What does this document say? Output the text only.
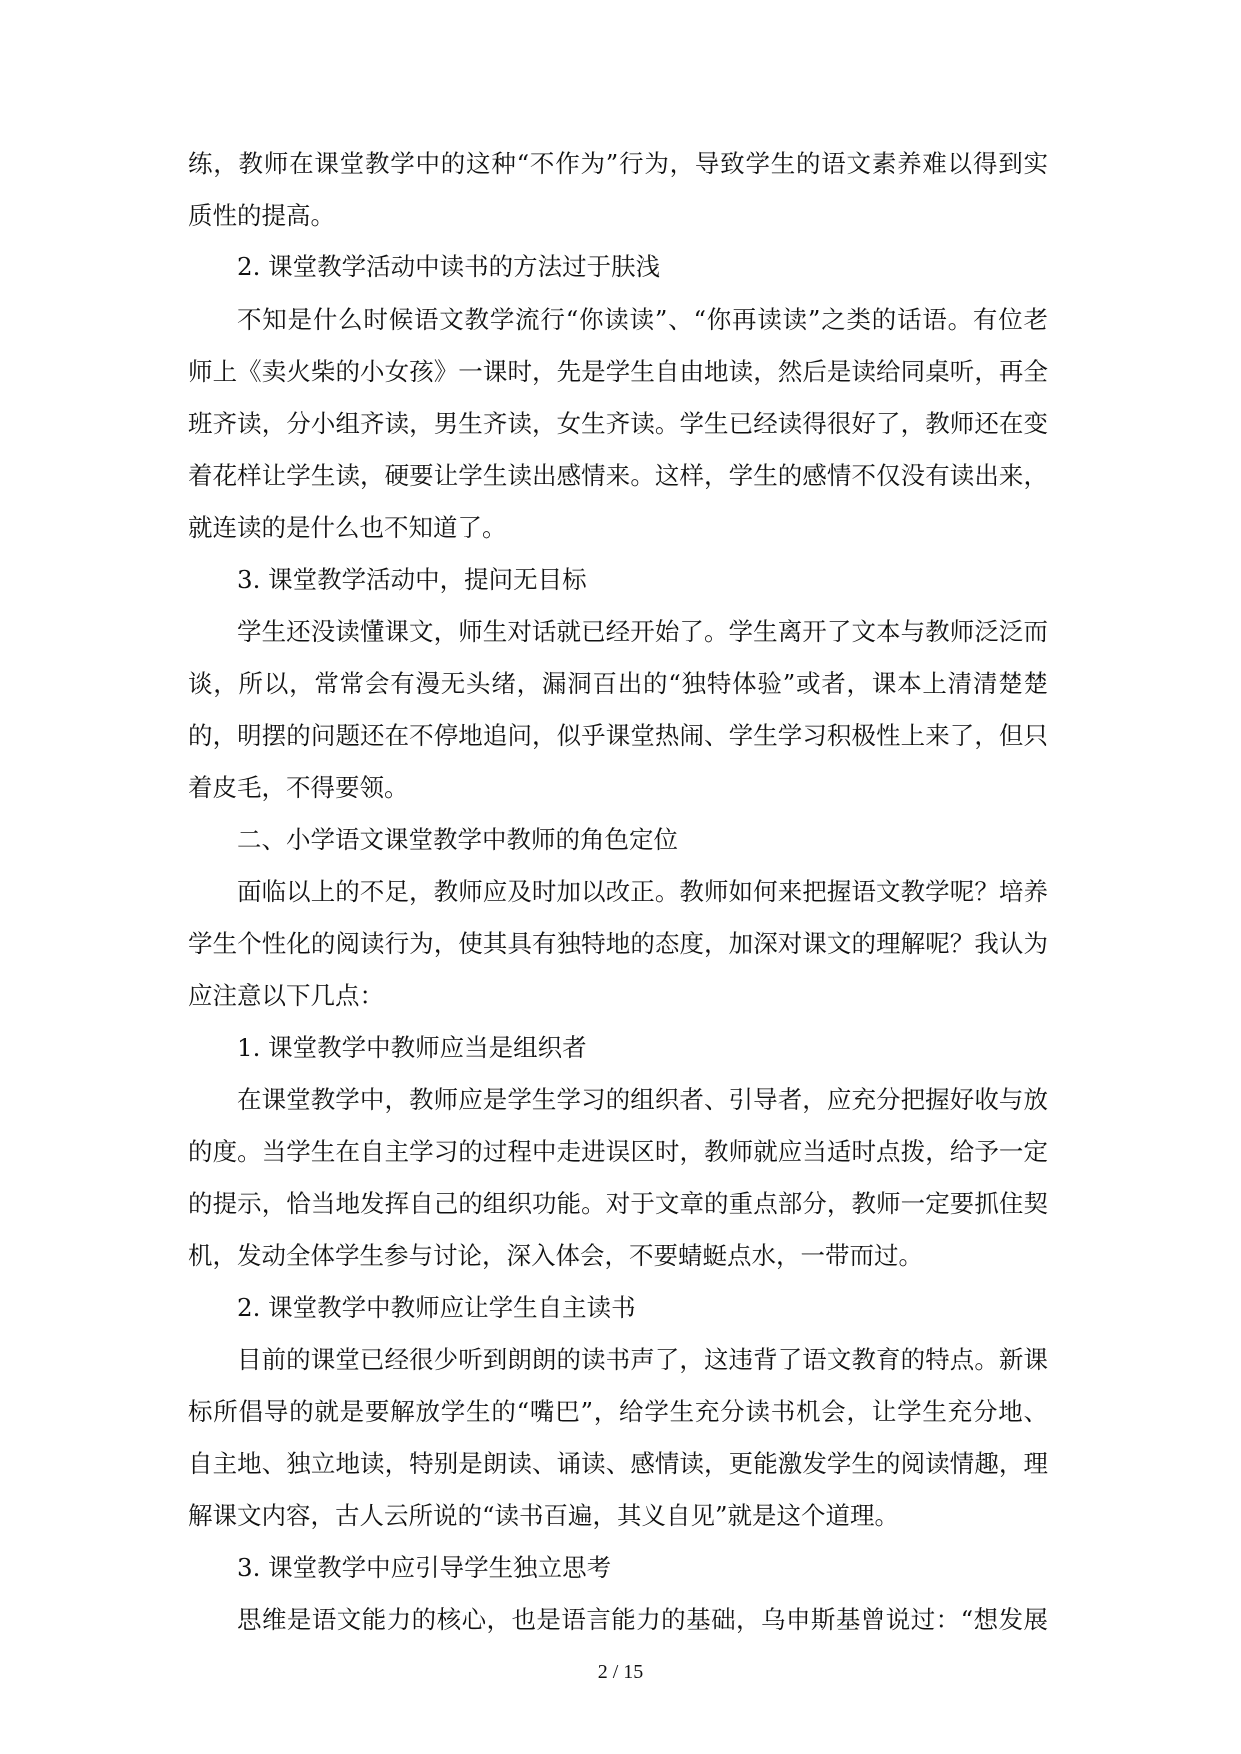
练，教师在课堂教学中的这种“不作为”行为，导致学生的语文素养难以得到实
质性的提高。
2. 课堂教学活动中读书的方法过于肤浅
不知是什么时候语文教学流行“你读读”、“你再读读”之类的话语。有位老
师上《卖火柴的小女孩》一课时，先是学生自由地读，然后是读给同桌听，再全
班齐读，分小组齐读，男生齐读，女生齐读。学生已经读得很好了，教师还在变
着花样让学生读，硬要让学生读出感情来。这样，学生的感情不仅没有读出来，
就连读的是什么也不知道了。
3. 课堂教学活动中，提问无目标
学生还没读懂课文，师生对话就已经开始了。学生离开了文本与教师泛泛而
谈，所以，常常会有漫无头绪，漏洞百出的“独特体验”或者，课本上清清楚楚
的，明摆的问题还在不停地追问，似乎课堂热闹、学生学习积极性上来了，但只
着皮毛，不得要领。
二、小学语文课堂教学中教师的角色定位
面临以上的不足，教师应及时加以改正。教师如何来把握语文教学呢？培养
学生个性化的阅读行为，使其具有独特地的态度，加深对课文的理解呢？我认为
应注意以下几点：
1. 课堂教学中教师应当是组织者
在课堂教学中，教师应是学生学习的组织者、引导者，应充分把握好收与放
的度。当学生在自主学习的过程中走进误区时，教师就应当适时点拨，给予一定
的提示，恰当地发挥自己的组织功能。对于文章的重点部分，教师一定要抓住契
机，发动全体学生参与讨论，深入体会，不要蜻蜓点水，一带而过。
2. 课堂教学中教师应让学生自主读书
目前的课堂已经很少听到朗朗的读书声了，这违背了语文教育的特点。新课
标所倡导的就是要解放学生的“嘴巴”，给学生充分读书机会，让学生充分地、
自主地、独立地读，特别是朗读、诵读、感情读，更能激发学生的阅读情趣，理
解课文内容，古人云所说的“读书百遍，其义自见”就是这个道理。
3. 课堂教学中应引导学生独立思考
思维是语文能力的核心，也是语言能力的基础，乌申斯基曾说过：“想发展
2 / 15
